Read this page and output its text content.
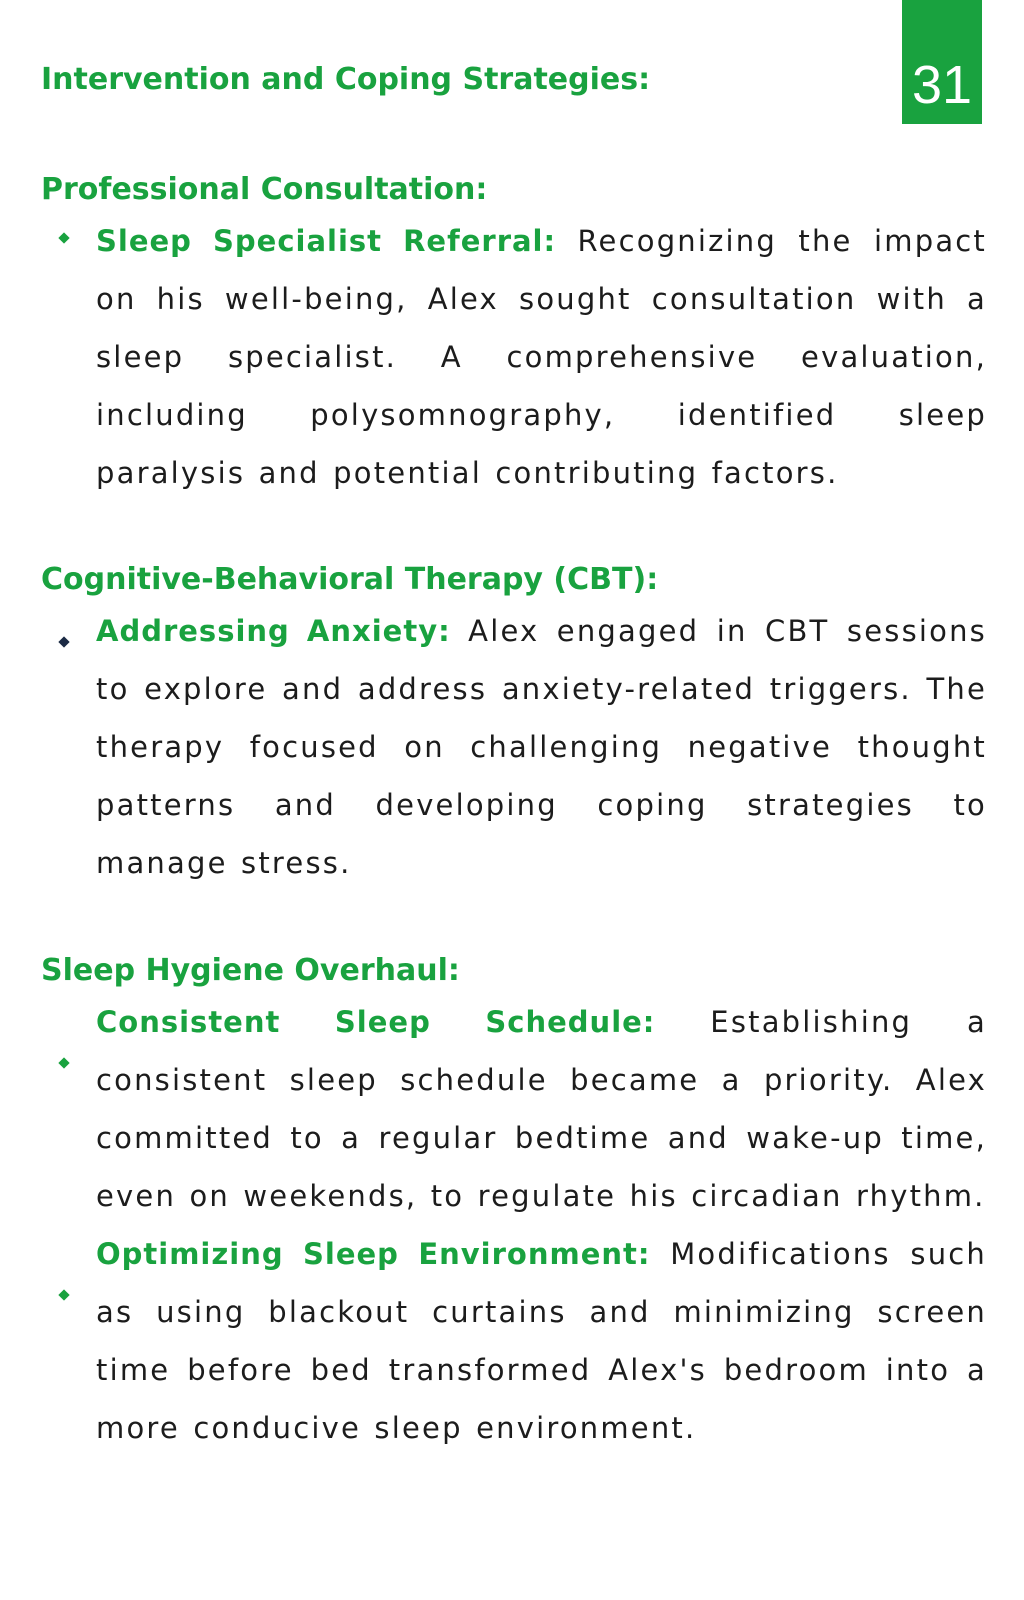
31
Intervention and Coping Strategies:
Professional Consultation:

Sleep Specialist Referral: Recognizing the impact on his well-being, Alex sought consultation with a sleep specialist. A comprehensive evaluation, including polysomnography, identified sleep paralysis and potential contributing factors.

Cognitive-Behavioral Therapy (CBT):

Addressing Anxiety: Alex engaged in CBT sessions to explore and address anxiety-related triggers. The therapy focused on challenging negative thought patterns and developing coping strategies to manage stress.

Sleep Hygiene Overhaul:

Consistent Sleep Schedule: Establishing a consistent sleep schedule became a priority. Alex committed to a regular bedtime and wake-up time, even on weekends, to regulate his circadian rhythm.

Optimizing Sleep Environment: Modifications such as using blackout curtains and minimizing screen time before bed transformed Alex's bedroom into a more conducive sleep environment.
